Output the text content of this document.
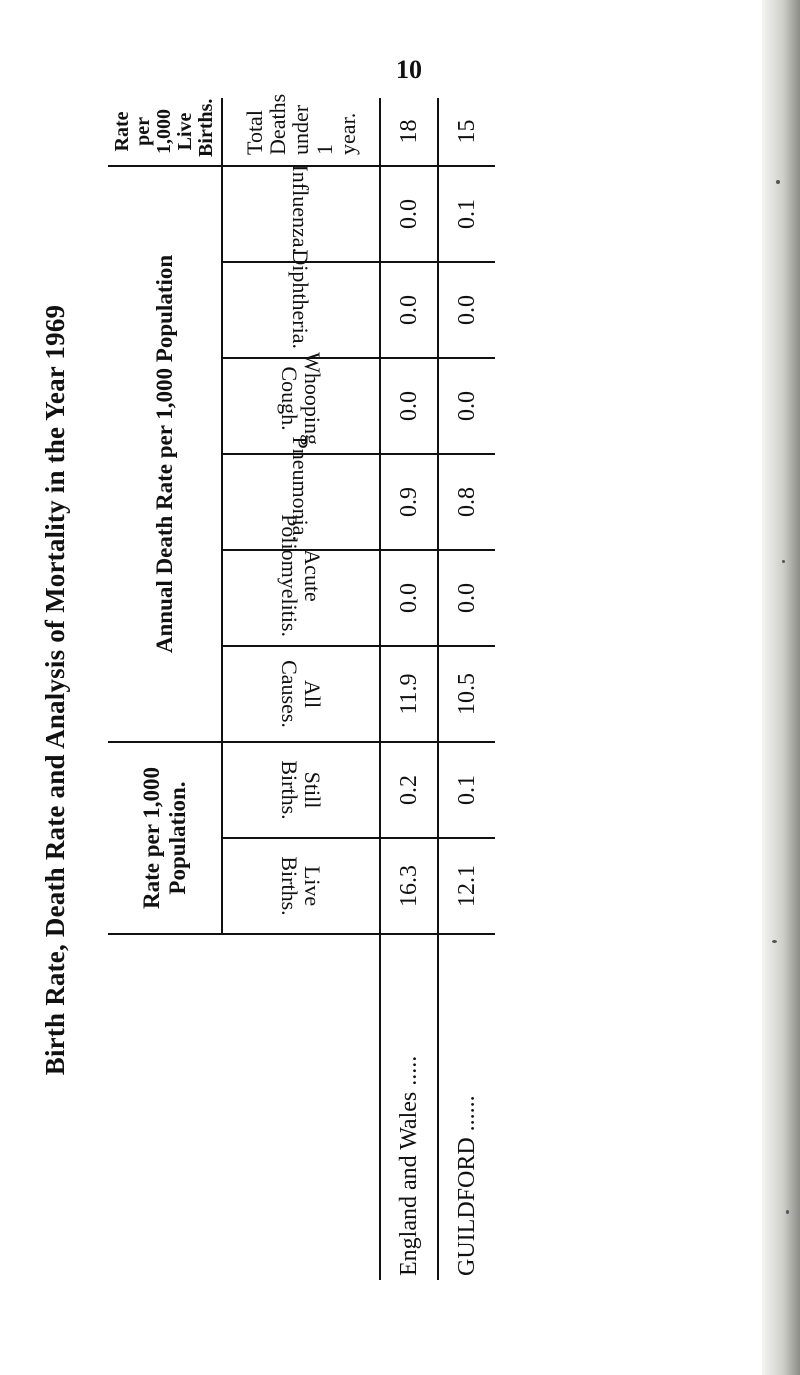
10
Birth Rate, Death Rate and Analysis of Mortality in the Year 1969
		Rate per 1,000 Population.		Annual Death Rate per 1,000 Population						Rate per 1,000 Live Births.
	Live Births.	Still Births.	All Causes.	Acute Poliomyelitis.	Pneumonia.	Whooping Cough.	Diphtheria.	Influenza.	Total Deaths under 1 year.
England and Wales .....	16.3	0.2	11.9	0.0	0.9	0.0	0.0	0.0	18
GUILDFORD ......	12.1	0.1	10.5	0.0	0.8	0.0	0.0	0.1	15
